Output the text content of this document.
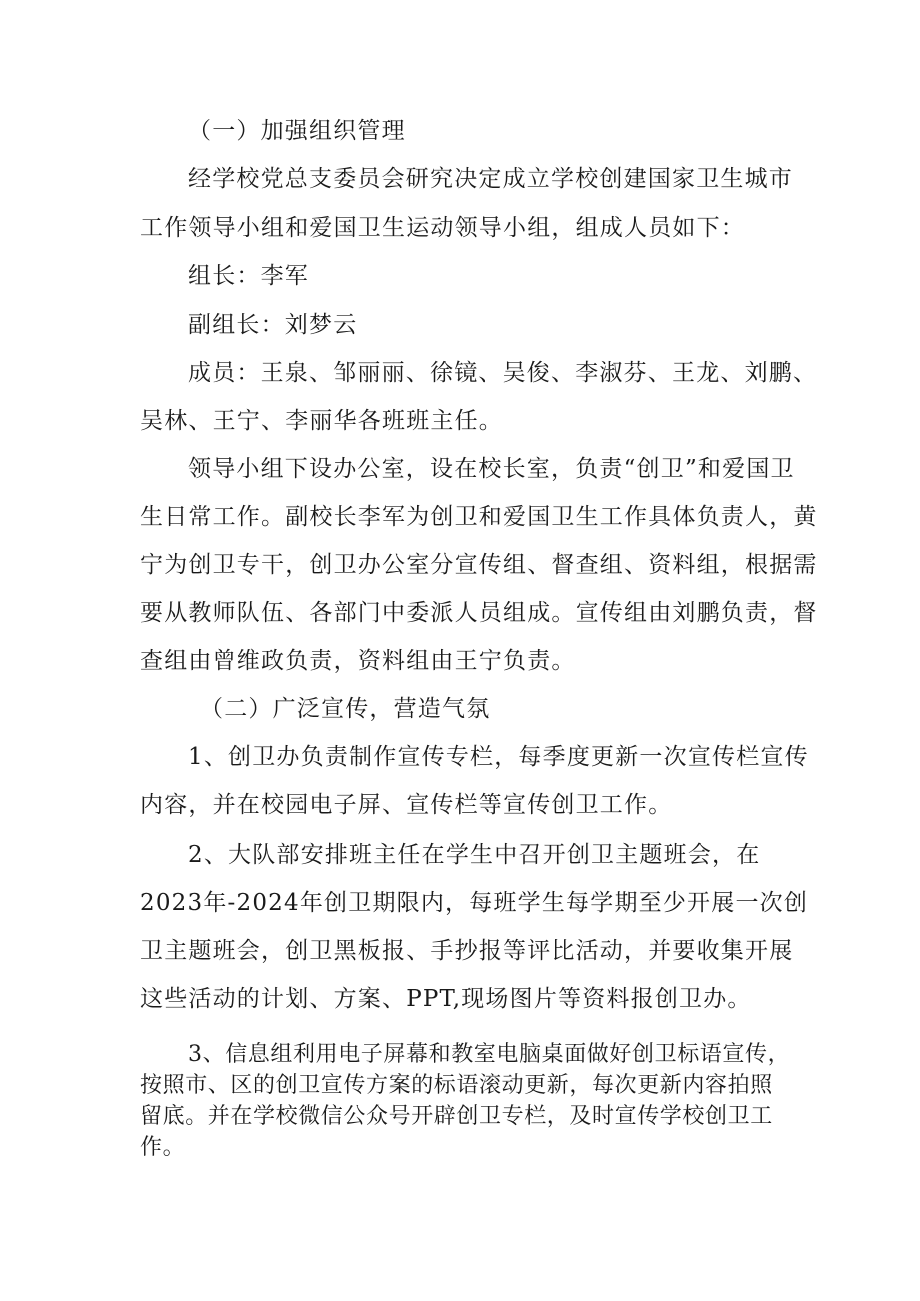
（一）加强组织管理
经学校党总支委员会研究决定成立学校创建国家卫生城市
工作领导小组和爱国卫生运动领导小组，组成人员如下：
组长：李军
副组长：刘梦云
成员：王泉、邹丽丽、徐镜、吴俊、李淑芬、王龙、刘鹏、
吴林、王宁、李丽华各班班主任。
领导小组下设办公室，设在校长室，负责“创卫”和爱国卫
生日常工作。副校长李军为创卫和爱国卫生工作具体负责人，黄
宁为创卫专干，创卫办公室分宣传组、督查组、资料组，根据需
要从教师队伍、各部门中委派人员组成。宣传组由刘鹏负责，督
查组由曾维政负责，资料组由王宁负责。
（二）广泛宣传，营造气氛
1、创卫办负责制作宣传专栏，每季度更新一次宣传栏宣传
内容，并在校园电子屏、宣传栏等宣传创卫工作。
2、大队部安排班主任在学生中召开创卫主题班会，在
2023年-2024年创卫期限内，每班学生每学期至少开展一次创
卫主题班会，创卫黑板报、手抄报等评比活动，并要收集开展
这些活动的计划、方案、PPT,现场图片等资料报创卫办。
3、信息组利用电子屏幕和教室电脑桌面做好创卫标语宣传，
按照市、区的创卫宣传方案的标语滚动更新，每次更新内容拍照
留底。并在学校微信公众号开辟创卫专栏，及时宣传学校创卫工
作。
